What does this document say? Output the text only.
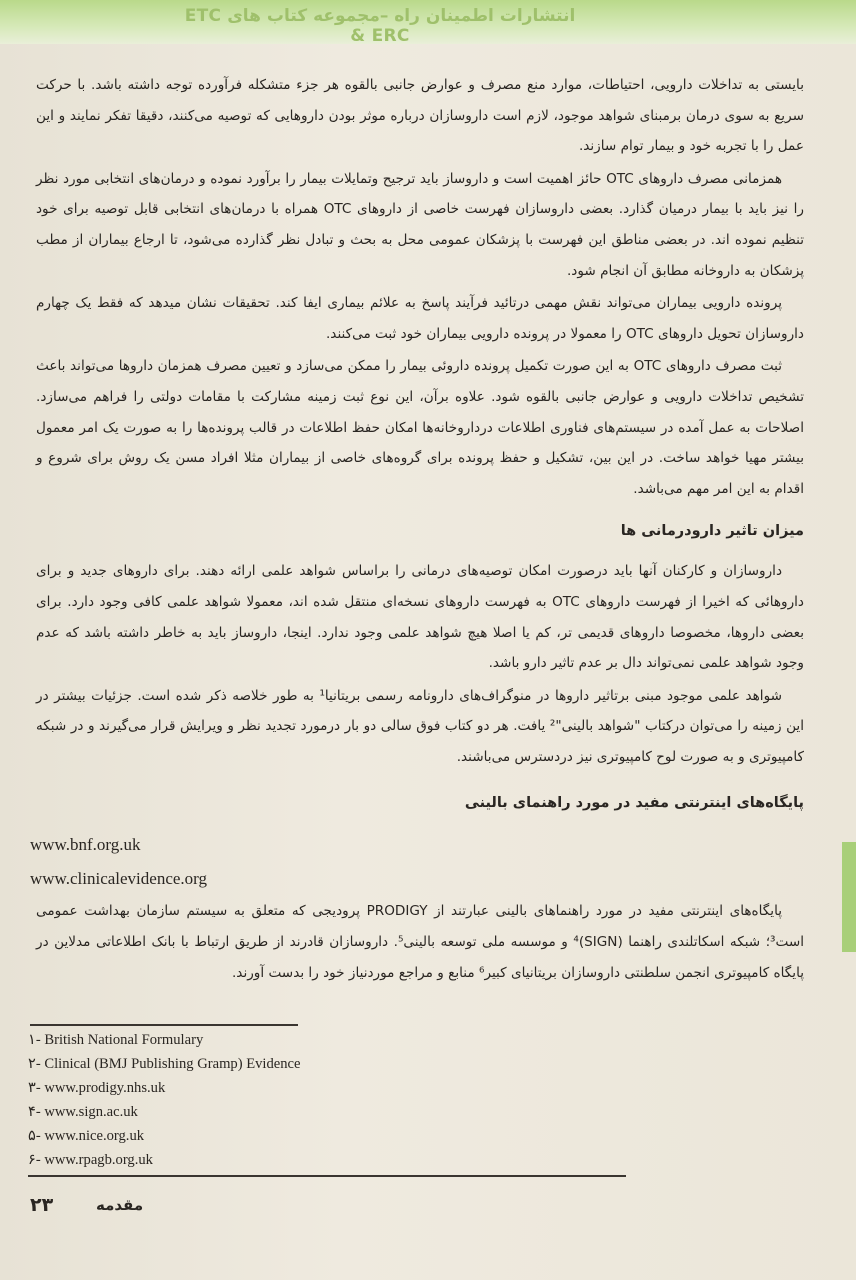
انتشارات اطمینان راه –مجموعه کتاب های ETC & ERC

بایستی به تداخلات دارویی، احتیاطات، موارد منع مصرف و عوارض جانبی بالقوه هر جزء متشکله فرآورده توجه داشته باشد. با حرکت سریع به سوی درمان برمبنای شواهد موجود، لازم است داروسازان درباره موثر بودن داروهایی که توصیه می‌کنند، دقیقا تفکر نمایند و این عمل را با تجربه خود و بیمار توام سازند.

همزمانی مصرف داروهای OTC حائز اهمیت است و داروساز باید ترجیح وتمایلات بیمار را برآورد نموده و درمان‌های انتخابی مورد نظر را نیز باید با بیمار درمیان گذارد. بعضی داروسازان فهرست خاصی از داروهای OTC همراه با درمان‌های انتخابی قابل توصیه برای خود تنظیم نموده اند. در بعضی مناطق این فهرست با پزشکان عمومی محل به بحث و تبادل نظر گذارده می‌شود، تا ارجاع بیماران از مطب پزشکان به داروخانه مطابق آن انجام شود.

پرونده دارویی بیماران می‌تواند نقش مهمی درتائید فرآیند پاسخ به علائم بیماری ایفا کند. تحقیقات نشان میدهد که فقط یک چهارم داروسازان تحویل داروهای OTC را معمولا در پرونده دارویی بیماران خود ثبت می‌کنند.

ثبت مصرف داروهای OTC به این صورت تکمیل پرونده داروئی بیمار را ممکن می‌سازد و تعیین مصرف همزمان داروها می‌تواند باعث تشخیص تداخلات دارویی و عوارض جانبی بالقوه شود. علاوه برآن، این نوع ثبت زمینه مشارکت با مقامات دولتی را فراهم می‌سازد. اصلاحات به عمل آمده در سیستم‌های فناوری اطلاعات درداروخانه‌ها امکان حفظ اطلاعات در قالب پرونده‌ها را به صورت یک امر معمول بیشتر مهیا خواهد ساخت. در این بین، تشکیل و حفظ پرونده برای گروه‌های خاصی از بیماران مثلا افراد مسن یک روش برای شروع و اقدام به این امر مهم می‌باشد.

میزان تاثیر دارودرمانی ها

داروسازان و کارکنان آنها باید درصورت امکان توصیه‌های درمانی را براساس شواهد علمی ارائه دهند. برای داروهای جدید و برای داروهائی که اخیرا از فهرست داروهای OTC به فهرست داروهای نسخه‌ای منتقل شده اند، معمولا شواهد علمی کافی وجود دارد. برای بعضی داروها، مخصوصا داروهای قدیمی تر، کم یا اصلا هیچ شواهد علمی وجود ندارد. اینجا، داروساز باید به خاطر داشته باشد که عدم وجود شواهد علمی نمی‌تواند دال بر عدم تاثیر دارو باشد.

شواهد علمی موجود مبنی برتاثیر داروها در منوگراف‌های دارونامه رسمی بریتانیا¹ به طور خلاصه ذکر شده است. جزئیات بیشتر در این زمینه را می‌توان درکتاب "شواهد بالینی"² یافت. هر دو کتاب فوق سالی دو بار درمورد تجدید نظر و ویرایش قرار می‌گیرند و در شبکه کامپیوتری و به صورت لوح کامپیوتری نیز دردسترس می‌باشند.

پایگاه‌های اینترنتی مفید در مورد راهنمای بالینی
www.bnf.org.uk
www.clinicalevidence.org

پایگاه‌های اینترنتی مفید در مورد راهنماهای بالینی عبارتند از PRODIGY پرودیجی که متعلق به سیستم سازمان بهداشت عمومی است³؛ شبکه اسکاتلندی راهنما (SIGN)⁴ و موسسه ملی توسعه بالینی⁵. داروسازان قادرند از طریق ارتباط با بانک اطلاعاتی مدلاین در پایگاه کامپیوتری انجمن سلطنتی داروسازان بریتانیای کبیر⁶ منابع و مراجع موردنیاز خود را بدست آورند.

۱- British National Formulary
۲- Clinical (BMJ Publishing Gramp) Evidence
۳- www.prodigy.nhs.uk
۴- www.sign.ac.uk
۵- www.nice.org.uk
۶- www.rpagb.org.uk
۲۳	مقدمه
